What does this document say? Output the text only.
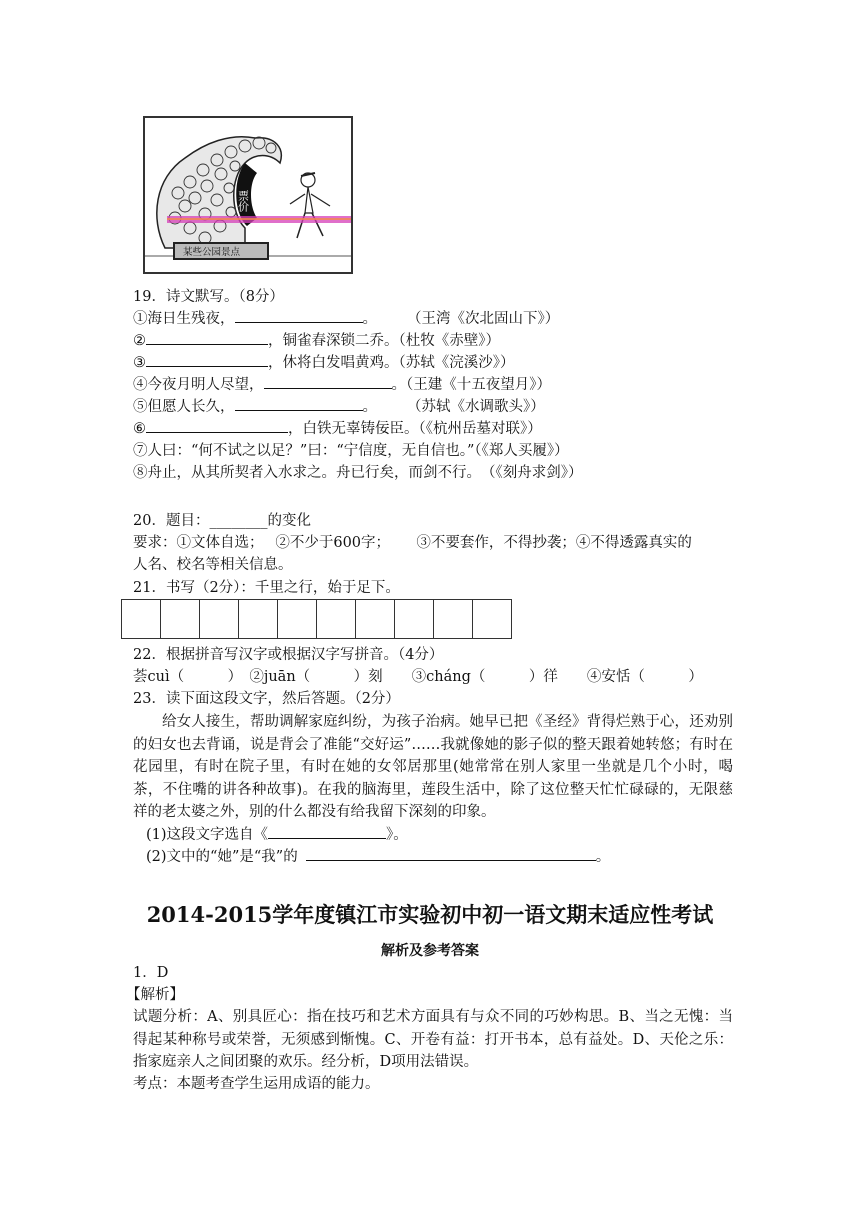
票价
某些公园景点
19．诗文默写。（8分）
①海日生残夜，	。 （王湾《次北固山下》）
②	，铜雀春深锁二乔。（杜牧《赤壁》）
③	，休将白发唱黄鸡。（苏轼《浣溪沙》）
④今夜月明人尽望，	。（王建《十五夜望月》）
⑤但愿人长久，	。 （苏轼《水调歌头》）
⑥	，白铁无辜铸佞臣。（《杭州岳墓对联》）
⑦人曰：“何不试之以足？”曰：“宁信度，无自信也。”（《郑人买履》）
⑧舟止，从其所契者入水求之。舟已行矣，而剑不行。　（《刻舟求剑》）
20．题目：________的变化
要求：①文体自选；　 ②不少于600字；　　 ③不要套作，不得抄袭；④不得透露真实的
人名、校名等相关信息。
21．书写（2分）：千里之行，始于足下。
22．根据拼音写汉字或根据汉字写拼音。（4分）
荟cuì（　　　）　②juān（　　　）刻　　③cháng（　　　）徉　　④安恬（　　　）
23．读下面这段文字，然后答题。（2分）
给女人接生，帮助调解家庭纠纷，为孩子治病。她早已把《圣经》背得烂熟于心，还劝别的妇女也去背诵，说是背会了准能“交好运”……我就像她的影子似的整天跟着她转悠；有时在花园里，有时在院子里，有时在她的女邻居那里(她常常在别人家里一坐就是几个小时，喝茶，不住嘴的讲各种故事)。在我的脑海里，莲段生活中，除了这位整天忙忙碌碌的，无限慈祥的老太婆之外，别的什么都没有给我留下深刻的印象。
(1)这段文字选自《	》。
(2)文中的“她”是“我”的	。
2014-2015学年度镇江市实验初中初一语文期末适应性考试
解析及参考答案
1．D
【解析】
试题分析：A、别具匠心：指在技巧和艺术方面具有与众不同的巧妙构思。B、当之无愧：当得起某种称号或荣誉，无须感到惭愧。C、开卷有益：打开书本，总有益处。D、天伦之乐：指家庭亲人之间团聚的欢乐。经分析，D项用法错误。
考点：本题考查学生运用成语的能力。
